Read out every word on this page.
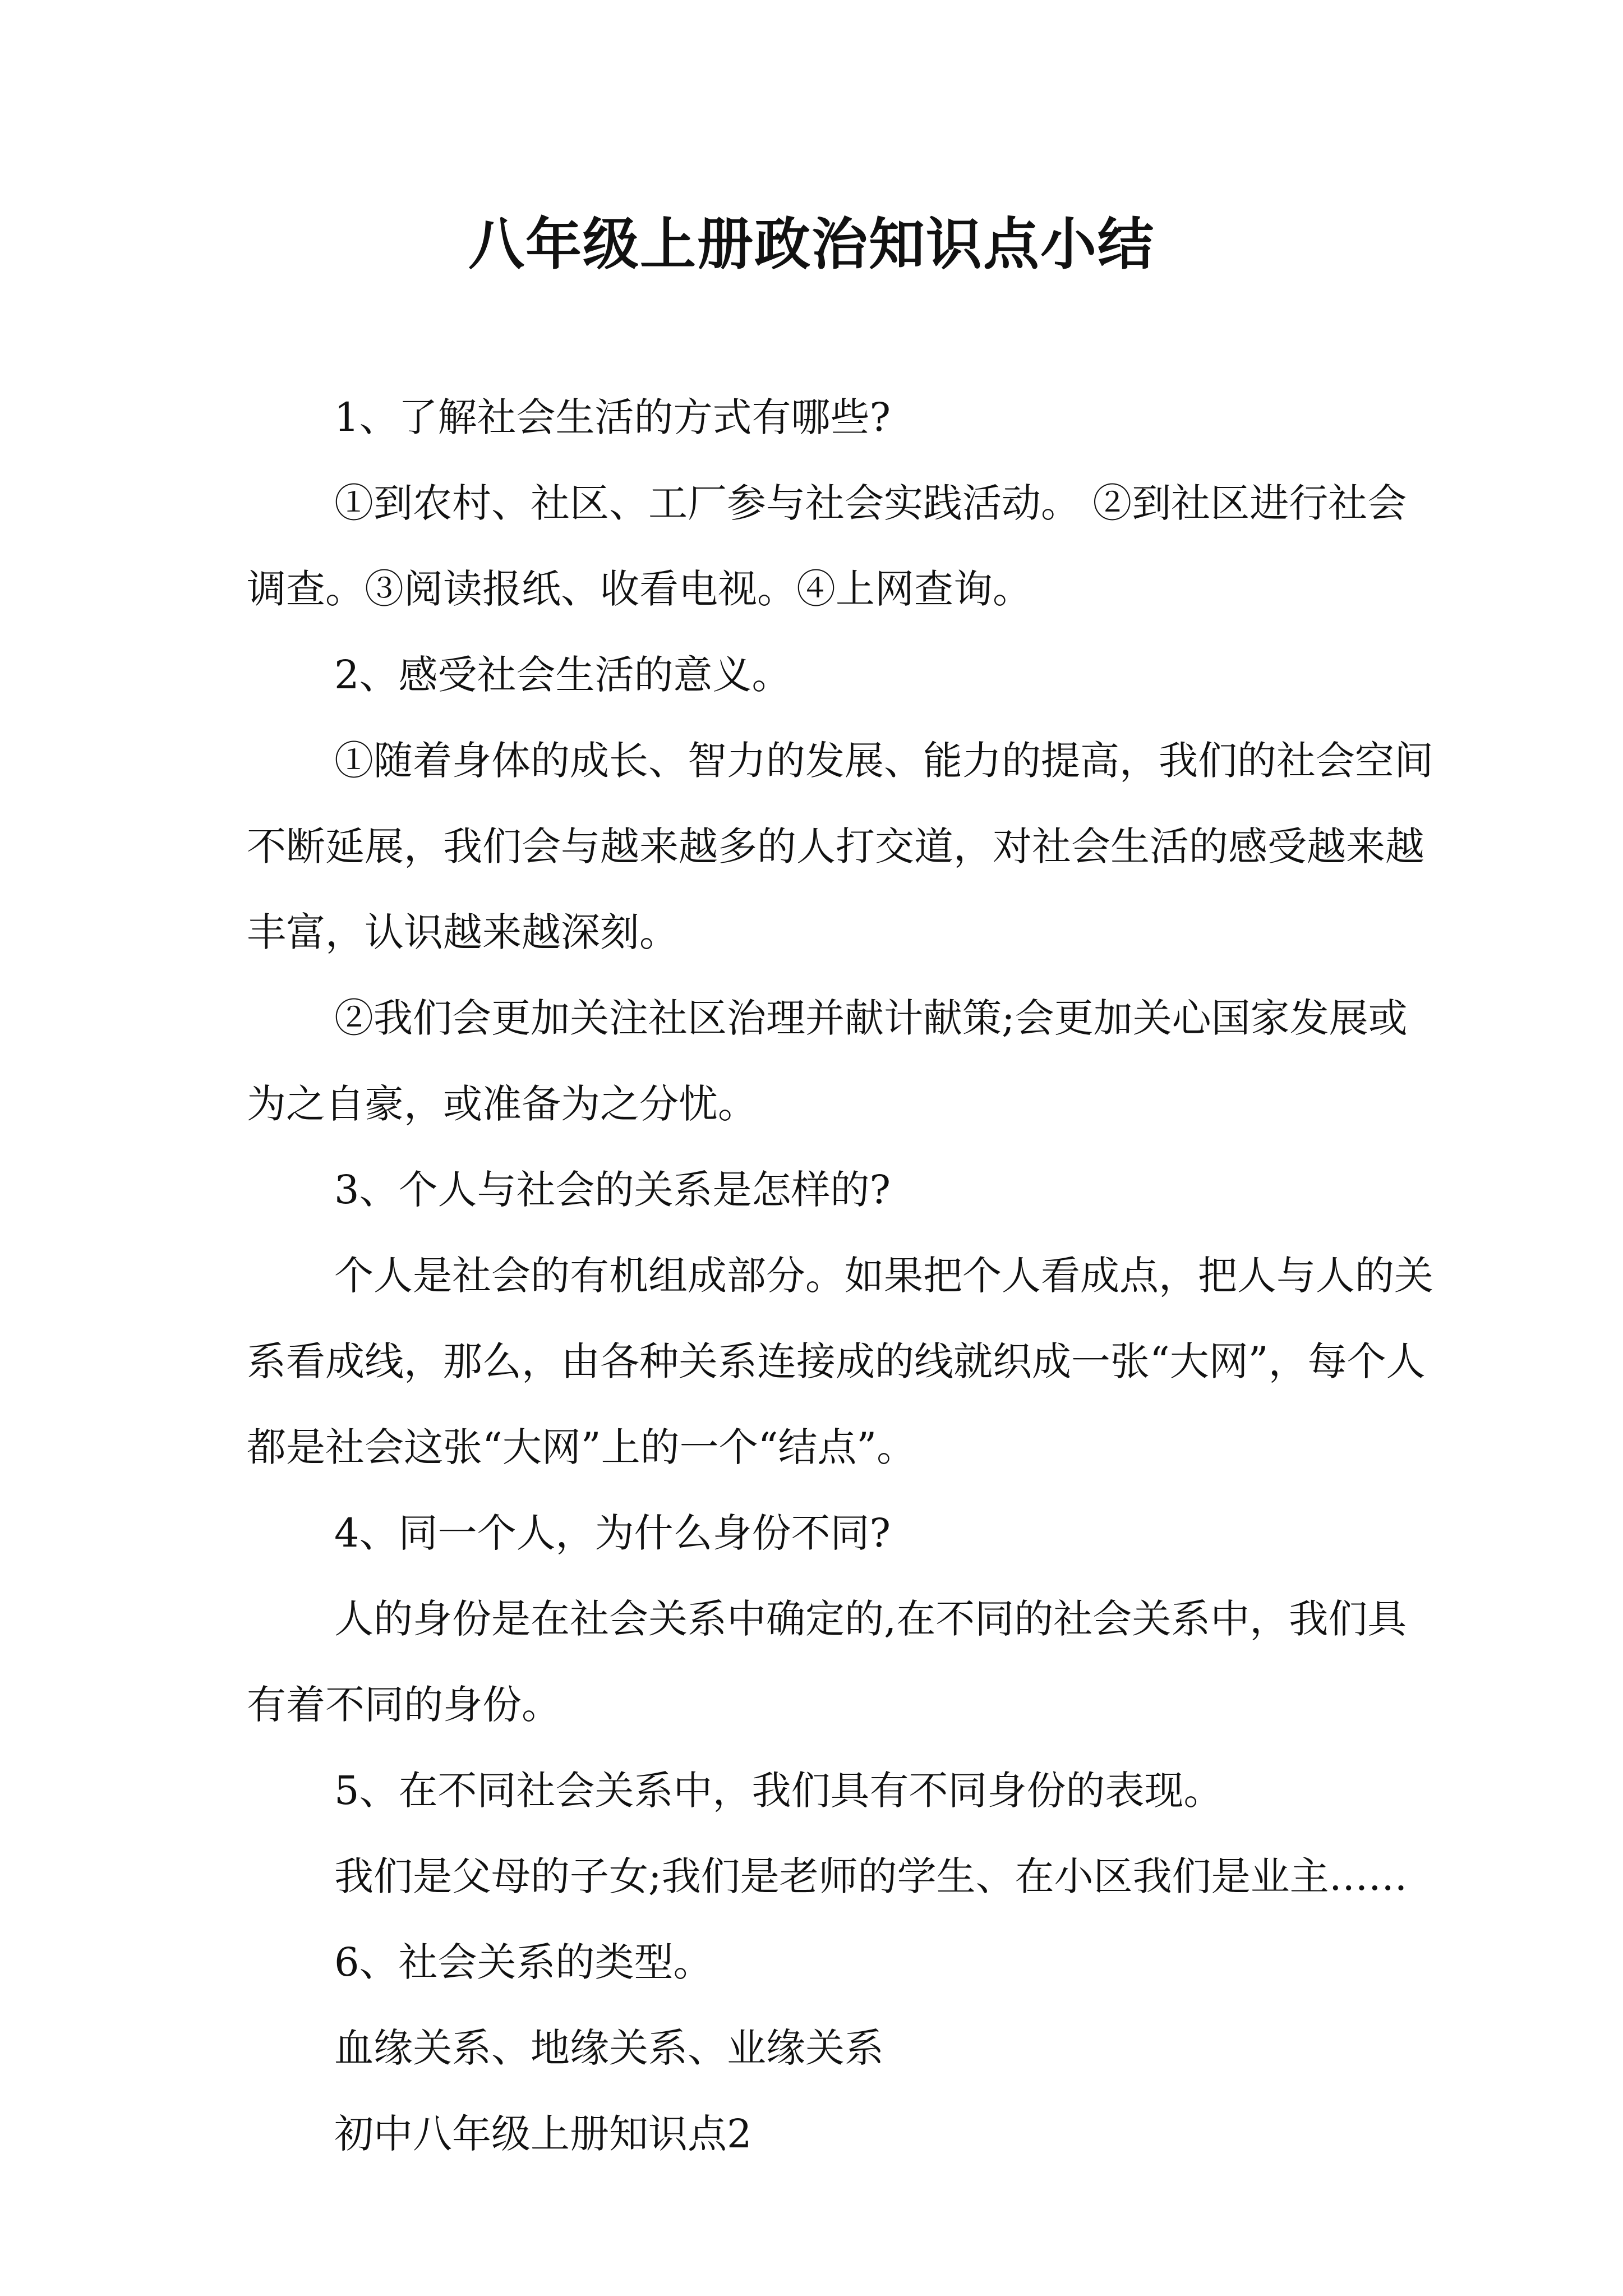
八年级上册政治知识点小结

1、了解社会生活的方式有哪些?

①到农村、社区、工厂参与社会实践活动。 ②到社区进行社会调查。③阅读报纸、收看电视。④上网查询。

2、感受社会生活的意义。

①随着身体的成长、智力的发展、能力的提高，我们的社会空间不断延展，我们会与越来越多的人打交道，对社会生活的感受越来越丰富，认识越来越深刻。

②我们会更加关注社区治理并献计献策;会更加关心国家发展或为之自豪，或准备为之分忧。

3、个人与社会的关系是怎样的?

个人是社会的有机组成部分。如果把个人看成点，把人与人的关系看成线，那么，由各种关系连接成的线就织成一张“大网”，每个人都是社会这张“大网”上的一个“结点”。

4、同一个人，为什么身份不同?

人的身份是在社会关系中确定的,在不同的社会关系中，我们具有着不同的身份。

5、在不同社会关系中，我们具有不同身份的表现。

我们是父母的子女;我们是老师的学生、在小区我们是业主……

6、社会关系的类型。

血缘关系、地缘关系、业缘关系

初中八年级上册知识点2
